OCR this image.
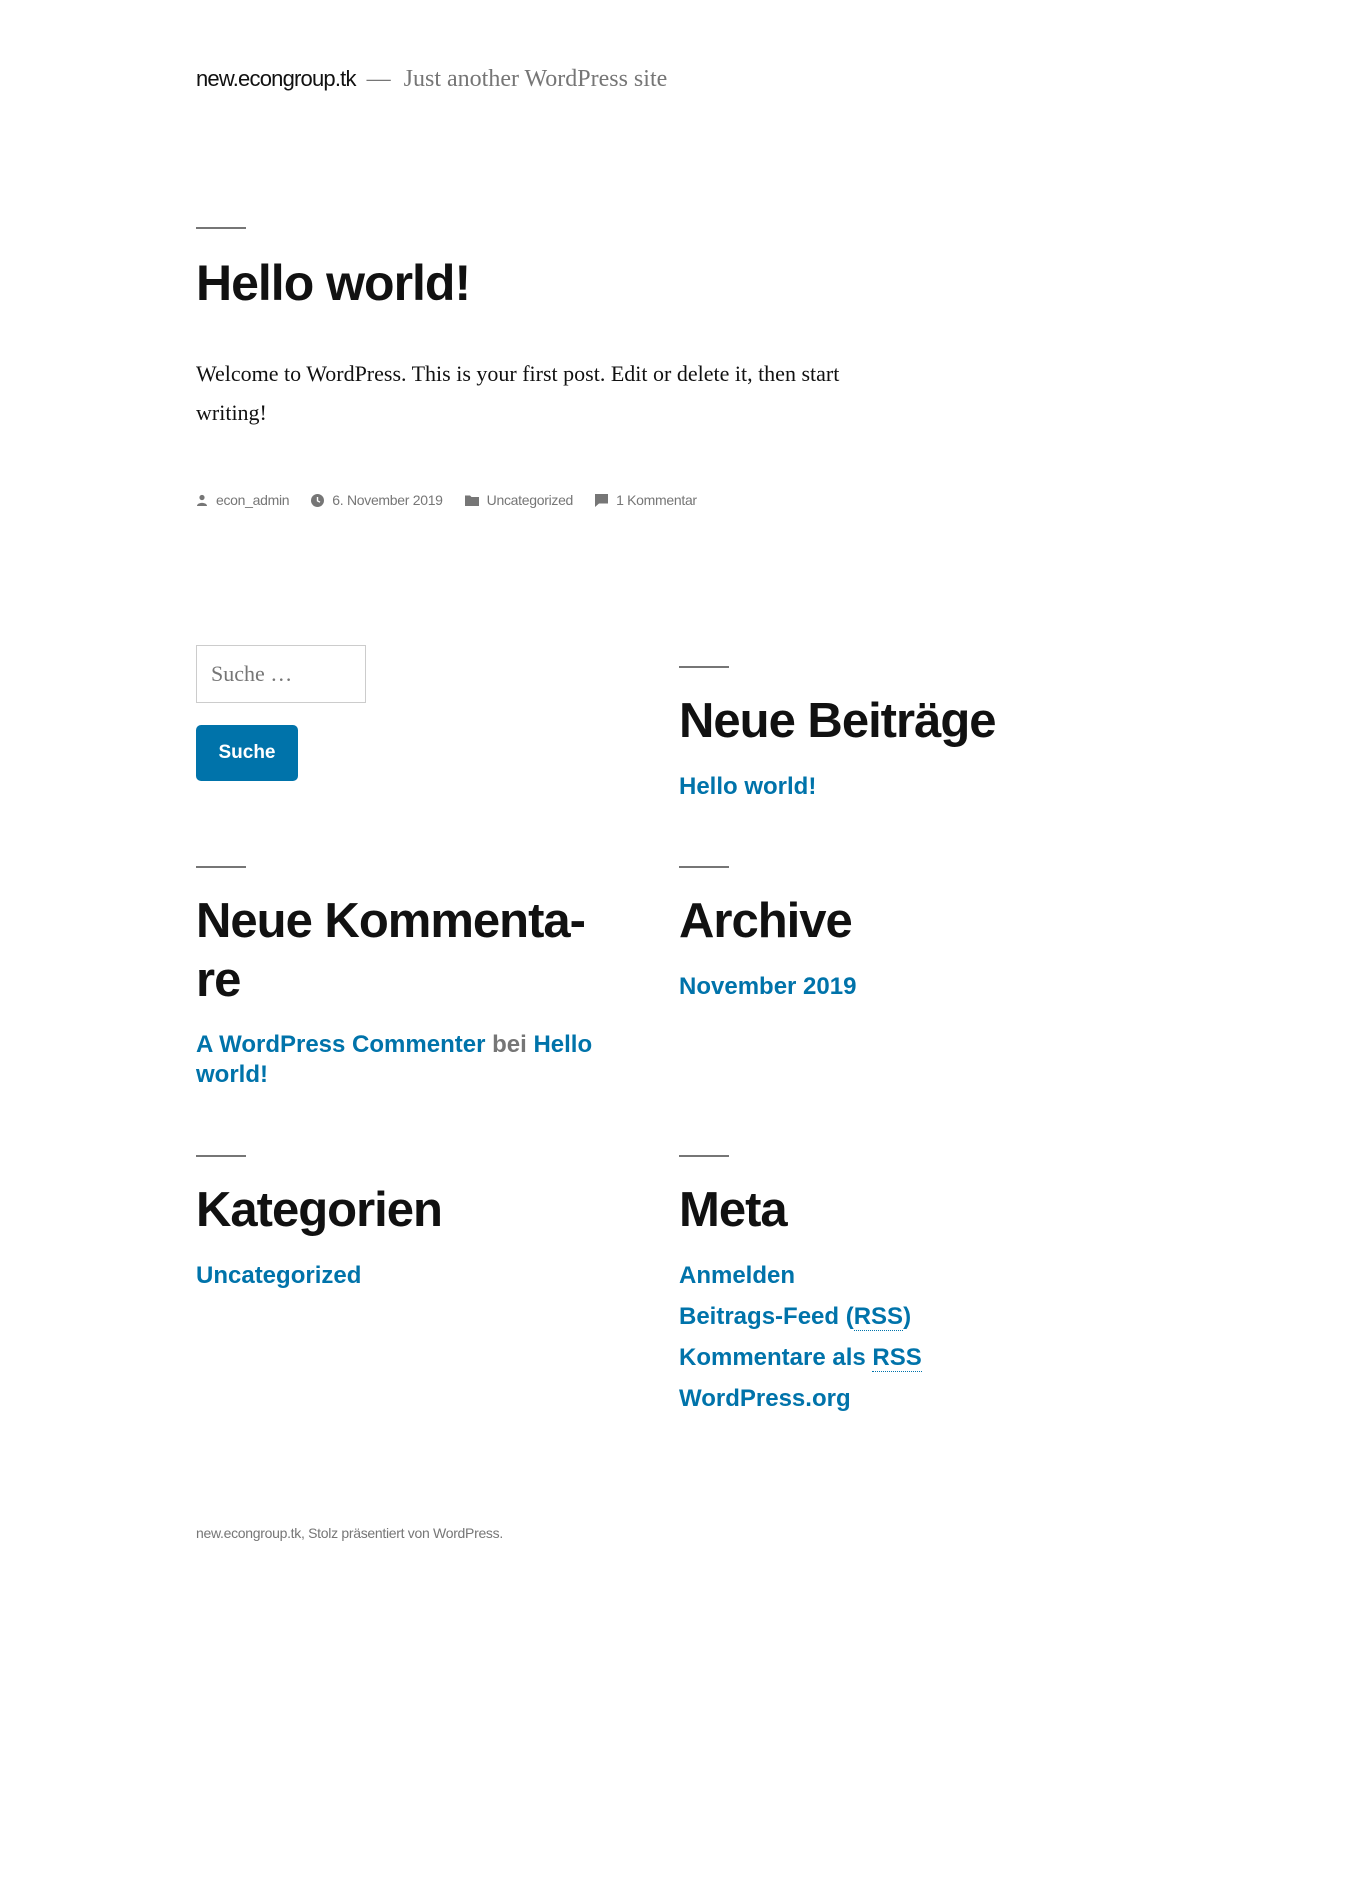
new.econgroup.tk — Just another WordPress site
Hello world!

Welcome to WordPress. This is your first post. Edit or delete it, then start writing!

econ_admin	6. November 2019	Uncategorized	1 Kommentar
Suche …
Suche
Neue Beiträge
Hello world!
Neue Kommenta-
re

A WordPress Commenter bei Hello world!

Archive
November 2019
Kategorien
Uncategorized
Meta
Anmelden
Beitrags-Feed (RSS)
Kommentare als RSS
WordPress.org
new.econgroup.tk, Stolz präsentiert von WordPress.
